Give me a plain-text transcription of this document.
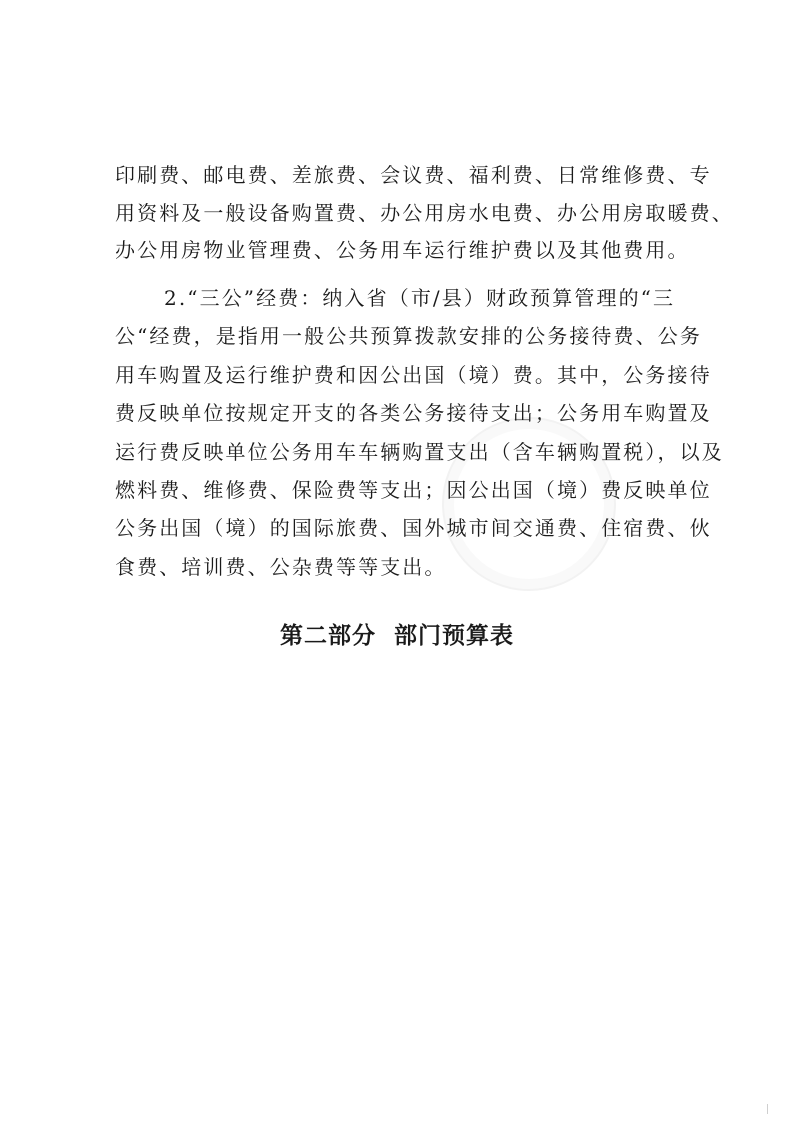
印刷费、邮电费、差旅费、会议费、福利费、日常维修费、专
用资料及一般设备购置费、办公用房水电费、办公用房取暖费、
办公用房物业管理费、公务用车运行维护费以及其他费用。
2.“三公”经费：纳入省（市/县）财政预算管理的“三
公“经费，是指用一般公共预算拨款安排的公务接待费、公务
用车购置及运行维护费和因公出国（境）费。其中，公务接待
费反映单位按规定开支的各类公务接待支出；公务用车购置及
运行费反映单位公务用车车辆购置支出（含车辆购置税），以及
燃料费、维修费、保险费等支出；因公出国（境）费反映单位
公务出国（境）的国际旅费、国外城市间交通费、住宿费、伙
食费、培训费、公杂费等等支出。
第二部分  部门预算表
